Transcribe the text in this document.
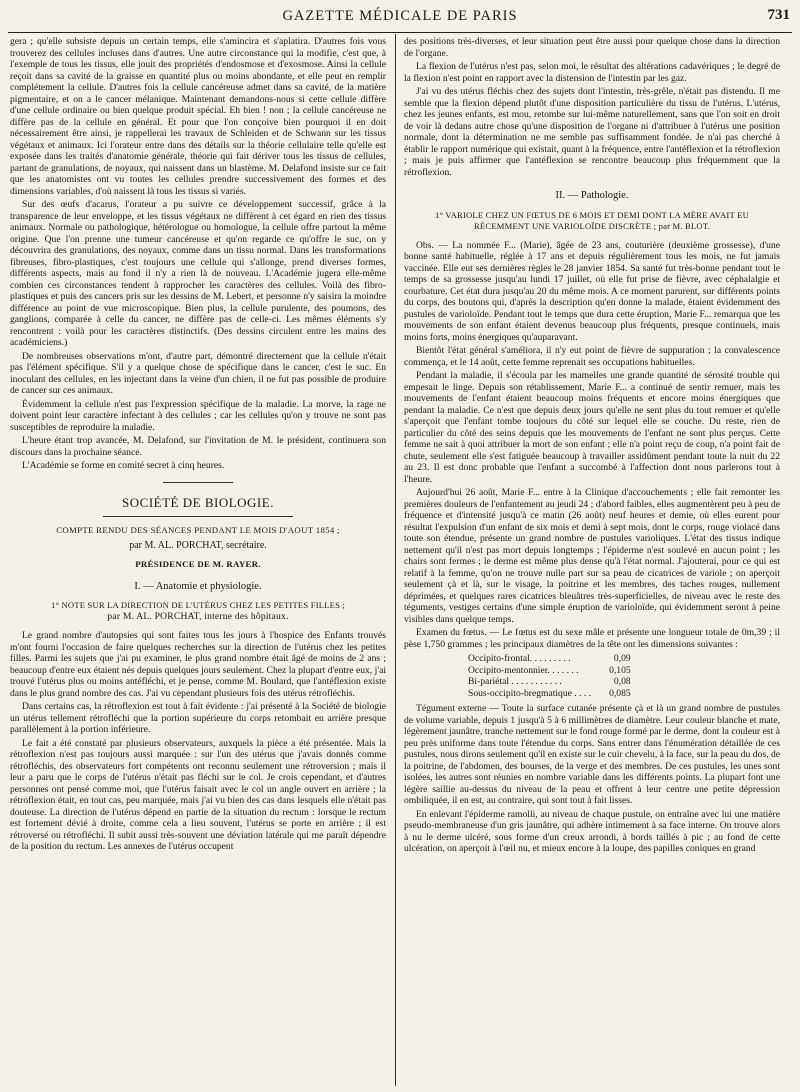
GAZETTE MÉDICALE DE PARIS	731

gera ; qu'elle subsiste depuis un certain temps, elle s'amincira et s'aplatira. D'autres fois vous trouverez des cellules incluses dans d'autres. Une autre circonstance qui la modifie, c'est que, à l'exemple de tous les tissus, elle jouit des propriétés d'endosmose et d'exosmose. Ainsi la cellule reçoit dans sa cavité de la graisse en quantité plus ou moins abondante, et elle peut en remplir complétement la cellule. D'autres fois la cellule cancéreuse admet dans sa cavité, de la matière pigmentaire, et on a le cancer mélanique. Maintenant demandons-nous si cette cellule diffère d'une cellule ordinaire ou bien quelque produit spécial. Eh bien ! non ; la cellule cancéreuse ne diffère pas de la cellule en général. Et pour que l'on conçoive bien pourquoi il en doit nécessairement être ainsi, je rappellerai les travaux de Schleiden et de Schwann sur les tissus végétaux et animaux. Ici l'orateur entre dans des détails sur la théorie cellulaire telle qu'elle est exposée dans les traités d'anatomie générale, théorie qui fait dériver tous les tissus de cellules, partant de granulations, de noyaux, qui naissent dans un blastème. M. Delafond insiste sur ce fait que les anatomistes ont vu toutes les cellules prendre successivement des formes et des dimensions variables, d'où naissent là tous les tissus si variés.

Sur des œufs d'acarus, l'orateur a pu suivre ce développement successif, grâce à la transparence de leur enveloppe, et les tissus végétaux ne diffèrent à cet égard en rien des tissus animaux. Normale ou pathologique, hétérologue ou homologue, la cellule offre partout la même origine. Que l'on prenne une tumeur cancéreuse et qu'on regarde ce qu'offre le suc, on y découvrira des granulations, des noyaux, comme dans un tissu normal. Dans les transformations fibreuses, fibro-plastiques, c'est toujours une cellule qui s'allonge, prend diverses formes, différents aspects, mais au fond il n'y a rien là de nouveau. L'Académie jugera elle-même combien ces circonstances tendent à rapprocher les caractères des cellules. Voilà des fibro-plastiques et puis des cancers pris sur les dessins de M. Lebert, et personne n'y saisira la moindre différence au point de vue microscopique. Bien plus, la cellule purulente, des poumons, des ganglions, comparée à celle du cancer, ne diffère pas de celle-ci. Les mêmes éléments s'y rencontrent : voilà pour les caractères distinctifs. (Des dessins circulent entre les mains des académiciens.)

De nombreuses observations m'ont, d'autre part, démontré directement que la cellule n'était pas l'élément spécifique. S'il y a quelque chose de spécifique dans le cancer, c'est le suc. En inoculant des cellules, en les injectant dans la veine d'un chien, il ne fut pas possible de produire de cancer sur ces animaux.

Évidemment la cellule n'est pas l'expression spécifique de la maladie. La morve, la rage ne doivent point leur caractère infectant à des cellules ; car les cellules qu'on y trouve ne sont pas susceptibles de reproduire la maladie.

L'heure étant trop avancée, M. Delafond, sur l'invitation de M. le président, continuera son discours dans la prochaine séance.

L'Académie se forme en comité secret à cinq heures.

SOCIÉTÉ DE BIOLOGIE.
COMPTE RENDU DES SÉANCES PENDANT LE MOIS D'AOUT 1854 ;
par M. AL. PORCHAT, secrétaire.
PRÉSIDENCE DE M. RAYER.
I. — Anatomie et physiologie.
1° NOTE SUR LA DIRECTION DE L'UTÉRUS CHEZ LES PETITES FILLES ;
par M. AL. PORCHAT, interne des hôpitaux.

Le grand nombre d'autopsies qui sont faites tous les jours à l'hospice des Enfants trouvés m'ont fourni l'occasion de faire quelques recherches sur la direction de l'utérus chez les petites filles. Parmi les sujets que j'ai pu examiner, le plus grand nombre était âgé de moins de 2 ans ; beaucoup d'entre eux étaient nés depuis quelques jours seulement. Chez la plupart d'entre eux, j'ai trouvé l'utérus plus ou moins antéfléchi, et je pense, comme M. Boulard, que l'antéflexion existe dans le plus grand nombre des cas. J'ai vu cependant plusieurs fois des utérus rétrofléchis.

Dans certains cas, la rétroflexion est tout à fait évidente : j'ai présenté à la Société de biologie un utérus tellement rétrofléchi que la portion supérieure du corps retombait en arrière presque parallèlement à la portion inférieure.

Le fait a été constaté par plusieurs observateurs, auxquels la pièce a été présentée. Mais la rétroflexion n'est pas toujours aussi marquée : sur l'un des utérus que j'avais donnés comme rétrofléchis, des observateurs fort compétents ont reconnu seulement une rétroversion ; mais il leur a paru que le corps de l'utérus n'était pas fléchi sur le col. Je crois cependant, et d'autres personnes ont pensé comme moi, que l'utérus faisait avec le col un angle ouvert en arrière ; la rétroflexion était, en tout cas, peu marquée, mais j'ai vu bien des cas dans lesquels elle n'était pas douteuse. La direction de l'utérus dépend en partie de la situation du rectum : lorsque le rectum est fortement dévié à droite, comme cela a lieu souvent, l'utérus se porte en arrière ; il est rétroversé ou rétrofléchi. Il subit aussi très-souvent une déviation latérale qui me paraît dépendre de la position du rectum. Les annexes de l'utérus occupent

des positions très-diverses, et leur situation peut être aussi pour quelque chose dans la direction de l'organe.

La flexion de l'utérus n'est pas, selon moi, le résultat des altérations cadavériques ; le degré de la flexion n'est point en rapport avec la distension de l'intestin par les gaz.

J'ai vu des utérus fléchis chez des sujets dont l'intestin, très-grêle, n'était pas distendu. Il me semble que la flexion dépend plutôt d'une disposition particulière du tissu de l'utérus. L'utérus, chez les jeunes enfants, est mou, retombe sur lui-même naturellement, sans que l'on soit en droit de voir là dedans autre chose qu'une disposition de l'organe ni d'attribuer à l'utérus une position normale, dont la détermination ne me semble pas suffisamment fondée. Je n'ai pas cherché à établir le rapport numérique qui existait, quant à la fréquence, entre l'antéflexion et la rétroflexion ; mais je puis affirmer que l'antéflexion se rencontre beaucoup plus fréquemment que la rétroflexion.

II. — Pathologie.
1° VARIOLE CHEZ UN FŒTUS DE 6 MOIS ET DEMI DONT LA MÈRE AVAIT EU
RÉCEMMENT UNE VARIOLOÏDE DISCRÈTE ; par M. BLOT.

Obs. — La nommée F... (Marie), âgée de 23 ans, couturière (deuxième grossesse), d'une bonne santé habituelle, réglée à 17 ans et depuis régulièrement tous les mois, ne fut jamais vaccinée. Elle eut ses dernières règles le 28 janvier 1854. Sa santé fut très-bonne pendant tout le temps de sa grossesse jusqu'au lundi 17 juillet, où elle fut prise de fièvre, avec céphalalgie et courbature. Cet état dura jusqu'au 20 du même mois. A ce moment parurent, sur différents points du corps, des boutons qui, d'après la description qu'en donne la malade, étaient évidemment des pustules de varioloïde. Pendant tout le temps que dura cette éruption, Marie F... remarqua que les mouvements de son enfant étaient devenus beaucoup plus fréquents, presque continuels, mais moins forts, moins énergiques qu'auparavant.

Bientôt l'état général s'améliora, il n'y eut point de fièvre de suppuration ; la convalescence commença, et le 14 août, cette femme reprenait ses occupations habituelles.

Pendant la maladie, il s'écoula par les mamelles une grande quantité de sérosité trouble qui empesait le linge. Depuis son rétablissement, Marie F... a continué de sentir remuer, mais les mouvements de l'enfant étaient beaucoup moins fréquents et encore moins énergiques que pendant la maladie. Ce n'est que depuis deux jours qu'elle ne sent plus du tout remuer et qu'elle s'aperçoit que l'enfant tombe toujours du côté sur lequel elle se couche. Du reste, rien de particulier du côté des seins depuis que les mouvements de l'enfant ne sont plus perçus. Cette femme ne sait à quoi attribuer la mort de son enfant ; elle n'a point reçu de coup, n'a point fait de chute, seulement elle s'est fatiguée beaucoup à travailler assidûment pendant toute la nuit du 22 au 23. Il est donc probable que l'enfant a succombé à l'affection dont nous parlerons tout à l'heure.

Aujourd'hui 26 août, Marie F... entre à la Clinique d'accouchements ; elle fait remonter les premières douleurs de l'enfantement au jeudi 24 ; d'abord faibles, elles augmentèrent peu à peu de fréquence et d'intensité jusqu'à ce matin (26 août) neuf heures et demie, où elles eurent pour résultat l'expulsion d'un enfant de six mois et demi à sept mois, dont le corps, rouge violacé dans toute son étendue, présente un grand nombre de pustules varioliques. L'état des tissus indique nettement qu'il n'est pas mort depuis longtemps ; l'épiderme n'est soulevé en aucun point ; les chairs sont fermes ; le derme est même plus dense qu'à l'état normal. J'ajouterai, pour ce qui est relatif à la femme, qu'on ne trouve nulle part sur sa peau de cicatrices de variole ; on aperçoit seulement çà et là, sur le visage, la poitrine et les membres, des taches rouges, nullement déprimées, et quelques rares cicatrices bleuâtres très-superficielles, de niveau avec le reste des téguments, vestiges certains d'une simple éruption de varioloïde, qui évidemment seront à peine visibles dans quelque temps.

Examen du fœtus. — Le fœtus est du sexe mâle et présente une longueur totale de 0m,39 ; il pèse 1,750 grammes ; les principaux diamètres de la tête ont les dimensions suivantes :

Occipito-frontal. . . . . . . . .	0,09
Occipito-mentonnier. . . . . . .	0,105
Bi-pariétal . . . . . . . . . . .	0,08
Sous-occipito-bregmatique . . . .	0,085

Tégument externe — Toute la surface cutanée présente çà et là un grand nombre de pustules de volume variable, depuis 1 jusqu'à 5 à 6 millimètres de diamètre. Leur couleur blanche et mate, légèrement jaunâtre, tranche nettement sur le fond rouge formé par le derme, dont la couleur est à peu près uniforme dans toute l'étendue du corps. Sans entrer dans l'énumération détaillée de ces pustules, nous dirons seulement qu'il en existe sur le cuir chevelu, à la face, sur la peau du dos, de la poitrine, de l'abdomen, des bourses, de la verge et des membres. De ces pustules, les unes sont isolées, les autres sont réunies en nombre variable dans les différents points. La plupart font une légère saillie au-dessus du niveau de la peau et offrent à leur centre une petite dépression ombiliquée, il en est, au contraire, qui sont tout à fait lisses.

En enlevant l'épiderme ramolli, au niveau de chaque pustule, on entraîne avec lui une matière pseudo-membraneuse d'un gris jaunâtre, qui adhère intimement à sa face interne. On trouve alors à nu le derme ulcéré, sous forme d'un creux arrondi, à bords taillés à pic ; au fond de cette ulcération, on aperçoit à l'œil nu, et mieux encore à la loupe, des papilles coniques en grand
